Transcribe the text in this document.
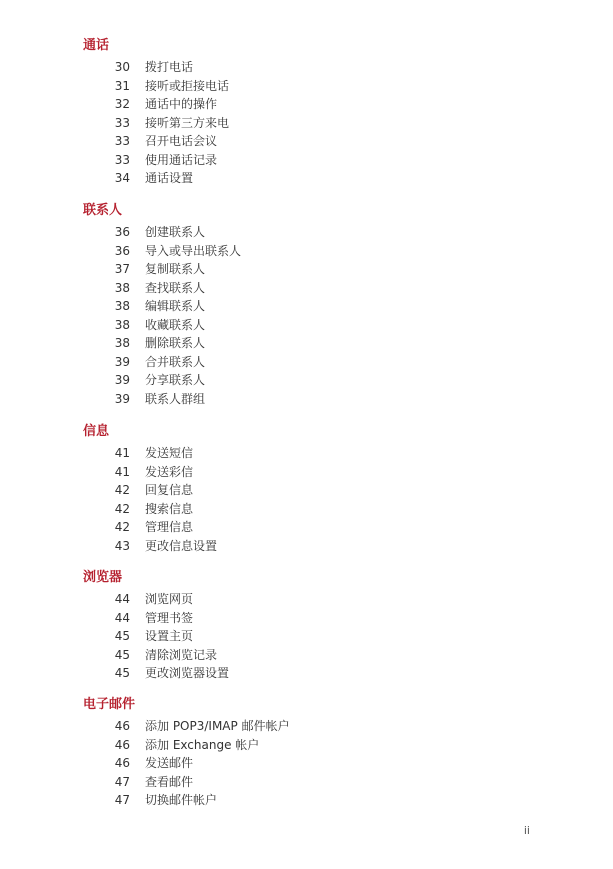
通话
30 拨打电话
31 接听或拒接电话
32 通话中的操作
33 接听第三方来电
33 召开电话会议
33 使用通话记录
34 通话设置
联系人
36 创建联系人
36 导入或导出联系人
37 复制联系人
38 查找联系人
38 编辑联系人
38 收藏联系人
38 删除联系人
39 合并联系人
39 分享联系人
39 联系人群组
信息
41 发送短信
41 发送彩信
42 回复信息
42 搜索信息
42 管理信息
43 更改信息设置
浏览器
44 浏览网页
44 管理书签
45 设置主页
45 清除浏览记录
45 更改浏览器设置
电子邮件
46 添加 POP3/IMAP 邮件帐户
46 添加 Exchange 帐户
46 发送邮件
47 查看邮件
47 切换邮件帐户
ii
